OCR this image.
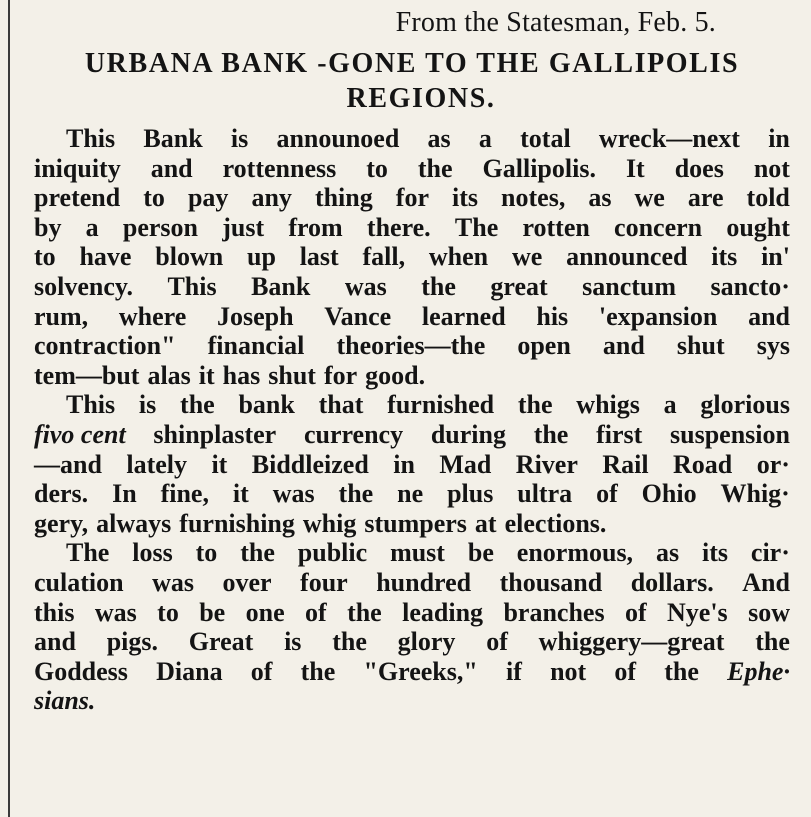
From the Statesman, Feb. 5.
URBANA BANK -GONE TO THE GALLIPOLIS
REGIONS.
This Bank is announoed as a total wreck—next in
iniquity and rottenness to the Gallipolis. It does not
pretend to pay any thing for its notes, as we are told
by a person just from there. The rotten concern ought
to have blown up last fall, when we announced its in'
solvency. This Bank was the great sanctum sancto·
rum, where Joseph Vance learned his 'expansion and
contraction" financial theories—the open and shut sys
tem—but alas it has shut for good.
This is the bank that furnished the whigs a glorious
fivo cent shinplaster currency during the first suspension
—and lately it Biddleized in Mad River Rail Road or·
ders. In fine, it was the ne plus ultra of Ohio Whig·
gery, always furnishing whig stumpers at elections.
The loss to the public must be enormous, as its cir·
culation was over four hundred thousand dollars. And
this was to be one of the leading branches of Nye's sow
and pigs. Great is the glory of whiggery—great the
Goddess Diana of the "Greeks," if not of the Ephe·
sians.
